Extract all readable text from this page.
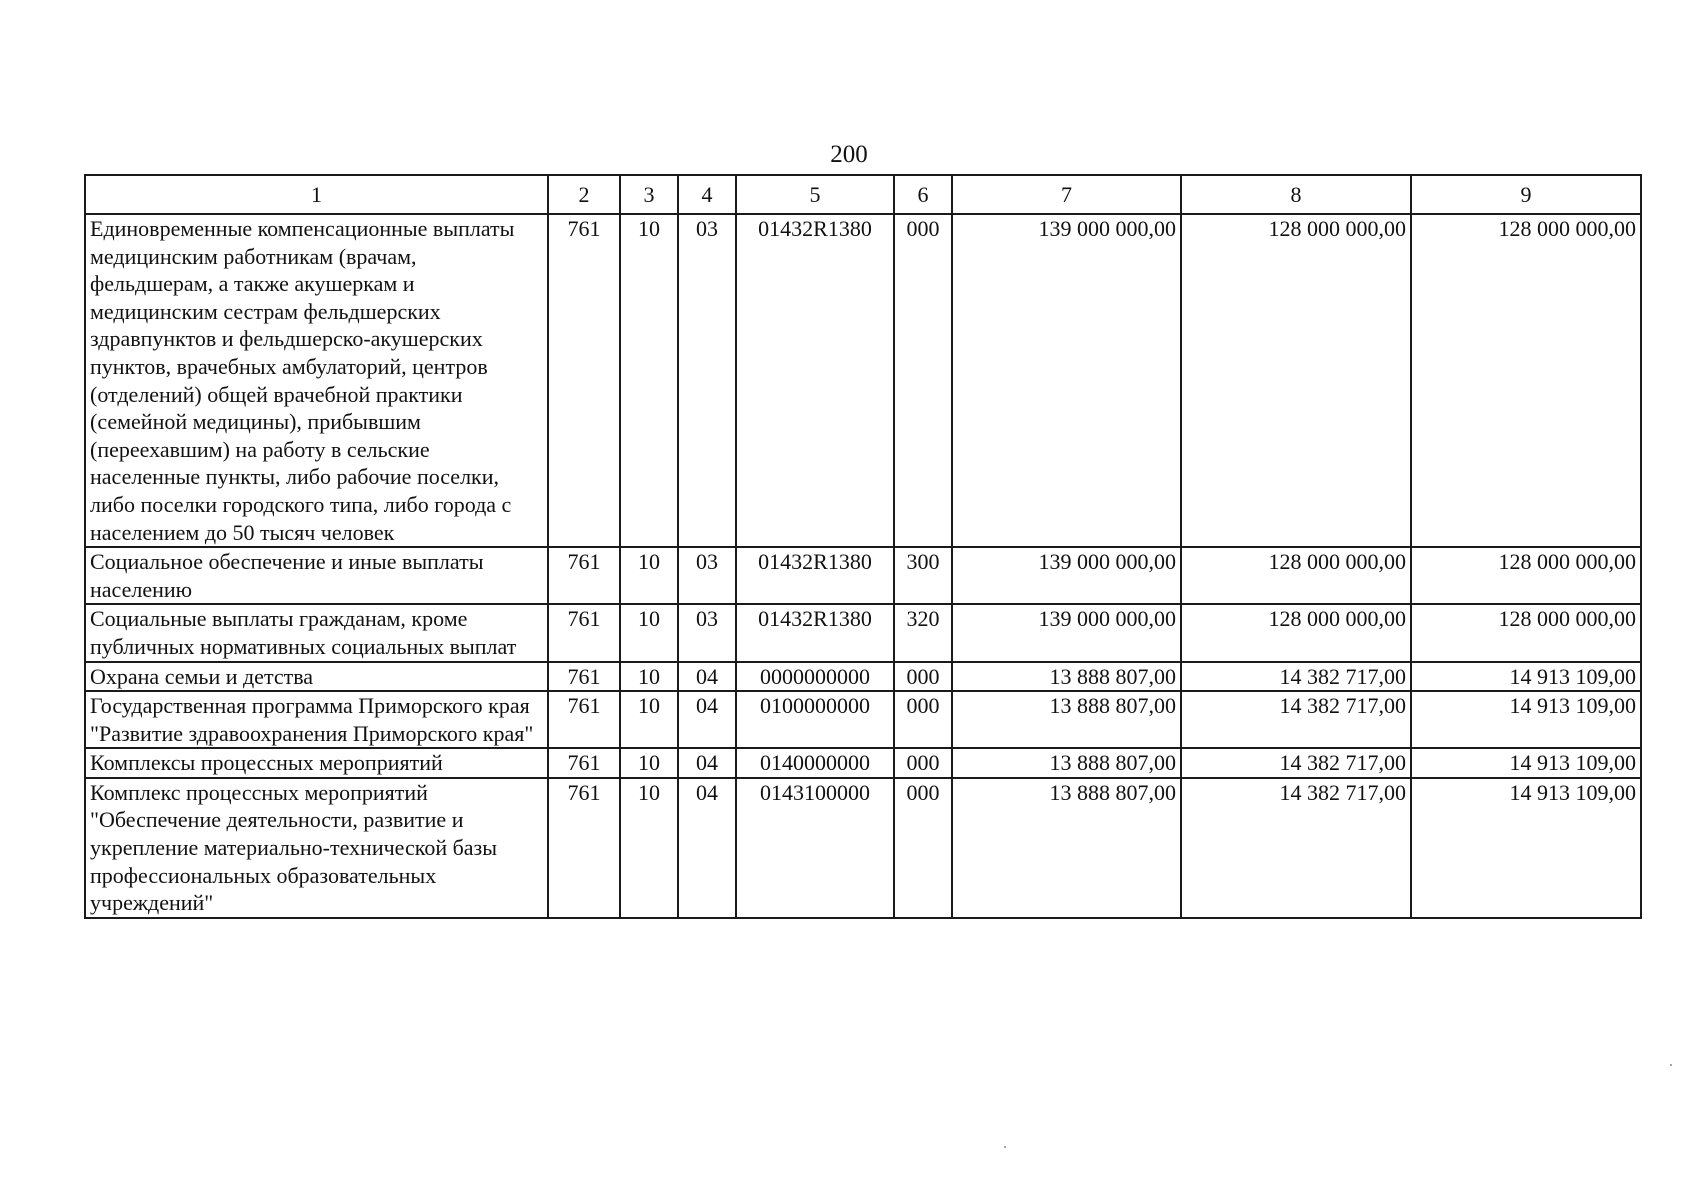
200
1	2	3	4	5	6	7	8	9
Единовременные компенсационные выплаты медицинским работникам (врачам, фельдшерам, а также акушеркам и медицинским сестрам фельдшерских здравпунктов и фельдшерско-акушерских пунктов, врачебных амбулаторий, центров (отделений) общей врачебной практики (семейной медицины), прибывшим (переехавшим) на работу в сельские населенные пункты, либо рабочие поселки, либо поселки городского типа, либо города с населением до 50 тысяч человек	761	10	03	01432R1380	000	139 000 000,00	128 000 000,00	128 000 000,00
Социальное обеспечение и иные выплаты населению	761	10	03	01432R1380	300	139 000 000,00	128 000 000,00	128 000 000,00
Социальные выплаты гражданам, кроме публичных нормативных социальных выплат	761	10	03	01432R1380	320	139 000 000,00	128 000 000,00	128 000 000,00
Охрана семьи и детства	761	10	04	0000000000	000	13 888 807,00	14 382 717,00	14 913 109,00
Государственная программа Приморского края "Развитие здравоохранения Приморского края"	761	10	04	0100000000	000	13 888 807,00	14 382 717,00	14 913 109,00
Комплексы процессных мероприятий	761	10	04	0140000000	000	13 888 807,00	14 382 717,00	14 913 109,00
Комплекс процессных мероприятий "Обеспечение деятельности, развитие и укрепление материально-технической базы профессиональных образовательных учреждений"	761	10	04	0143100000	000	13 888 807,00	14 382 717,00	14 913 109,00
